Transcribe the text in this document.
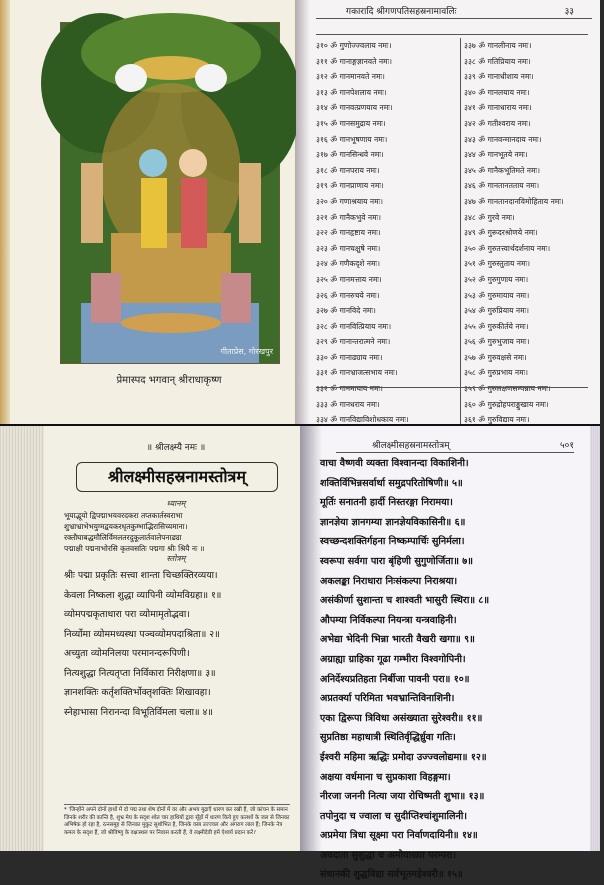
गीताप्रेस, गोरखपुर
प्रेमास्पद भगवान् श्रीराधाकृष्ण
गकारादि श्रीगणपतिसहस्रनामावलिः	३३
३१० ॐ गुणोज्ज्वलाय नमः।
३११ ॐ गानाङ्गज्ञानवते नमः।
३१२ ॐ गानमानवते नमः।
३१३ ॐ गानपेशलाय नमः।
३१४ ॐ गानवत्प्रणयाय नमः।
३१५ ॐ गानसमुद्राय नमः।
३१६ ॐ गानभूषणाय नमः।
३१७ ॐ गानसिन्धवे नमः।
३१८ ॐ गानपराय नमः।
३१९ ॐ गानप्राणाय नमः।
३२० ॐ गणाश्रयाय नमः।
३२१ ॐ गानैकभुवे नमः।
३२२ ॐ गानहृष्टाय नमः।
३२३ ॐ गानचक्षुषे नमः।
३२४ ॐ गणैकदृशे नमः।
३२५ ॐ गानमत्ताय नमः।
३२६ ॐ गानरुचये नमः।
३२७ ॐ गानविदे नमः।
३२८ ॐ गानवित्प्रियाय नमः।
३२९ ॐ गानान्तरात्मने नमः।
३३० ॐ गानाढ्याय नमः।
३३१ ॐ गानभ्राजत्सभाय नमः।
३३२ ॐ गानमायाय नमः।
३३३ ॐ गानधराय नमः।
३३४ ॐ गानविद्याविशोधकाय नमः।
३३७ ॐ गानलीनाय नमः।
३३८ ॐ गतिप्रियाय नमः।
३३९ ॐ गानाधीशाय नमः।
३४० ॐ गानलयाय नमः।
३४१ ॐ गानाधाराय नमः।
३४२ ॐ गतीश्वराय नमः।
३४३ ॐ गानवन्मानदाय नमः।
३४४ ॐ गानभूतये नमः।
३४५ ॐ गानैकभूतिमते नमः।
३४६ ॐ गानतानतताय नमः।
३४७ ॐ गानतानदानविमोहिताय नमः।
३४८ ॐ गुरवे नमः।
३४९ ॐ गुरूदरश्रोणये नमः।
३५० ॐ गुरुतत्त्वार्थदर्शनाय नमः।
३५१ ॐ गुरुस्तुताय नमः।
३५२ ॐ गुरुगुणाय नमः।
३५३ ॐ गुरुमायाय नमः।
३५४ ॐ गुरुप्रियाय नमः।
३५५ ॐ गुरुकीर्तये नमः।
३५६ ॐ गुरुभुजाय नमः।
३५७ ॐ गुरुवक्षसे नमः।
३५८ ॐ गुरुप्रभाय नमः।
३५९ ॐ गुरुलक्षणसम्पन्नाय नमः।
३६० ॐ गुरुद्रोहपराङ्मुखाय नमः।
३६१ ॐ गुरुविद्याय नमः।
॥ श्रीलक्ष्म्यै नमः ॥
श्रीलक्ष्मीसहस्रनामस्तोत्रम्
ध्यानम्
भूयाद्भूयो द्विपद्माभयवरदकरा तप्तकार्तस्वराभा
शुभ्राभ्राभेभयुग्मद्वयकरधृतकुम्भाद्भिरासिच्यमाना।
रक्तौघाबद्धमौलिर्विमलतरदुकूलार्तवालेपनाढ्या
पद्माक्षी पद्मनाभोरसि कृतवसतिः पद्मगा श्रीः श्रियै नः ॥
स्तोत्रम्
श्रीः पद्मा प्रकृतिः सत्त्वा शान्ता चिच्छक्तिरव्यया।
केवला निष्कला शुद्धा व्यापिनी व्योमविग्रहा॥ १॥
व्योमपद्मकृताधारा परा व्योमामृतोद्भवा।
निर्व्योमा व्योममध्यस्था पञ्चव्योमपदाश्रिता॥ २॥
अच्युता व्योमनिलया परमानन्दरूपिणी।
नित्यशुद्धा नित्यतृप्ता निर्विकारा निरीक्षणा॥ ३॥
ज्ञानशक्तिः कर्तृशक्तिर्भोक्तृशक्तिः शिखावहा।
स्नेहाभासा निरानन्दा विभूतिर्विमला चला॥ ४॥
* 'जिन्होंने अपने दोनों हाथों में दो पद्म तथा शेष दोनों में वर और अभय मुद्राएँ धारण कर रखी हैं, जो कांचन के समान जिनके शरीर की कान्ति है, शुभ्र मेघ के सदृश श्वेत चार हाथियों द्वारा सूँड़ों में धारण किये हुए कलशों के जल से जिनका अभिषेक हो रहा है, रत्नसमूह से जिनका मुकुट सुशोभित है, जिनके वस्त्र उज्ज्वल और अंगराग लाल हैं; जिनके नेत्र कमल के सदृश हैं, जो श्रीविष्णु के वक्षःस्थल पर निवास करती हैं, वे लक्ष्मीदेवी हमें ऐश्वर्य प्रदान करें।'
श्रीलक्ष्मीसहस्रनामस्तोत्रम्	५०१
वाचा वैष्णवी व्यक्ता विश्वानन्दा विकाशिनी।
शक्तिर्विभिन्नसर्वार्था समुद्रपरितोषिणी॥ ५॥
मूर्तिः सनातनी हार्दी निस्तरङ्गा निरामया।
ज्ञानज्ञेया ज्ञानगम्या ज्ञानज्ञेयविकासिनी॥ ६॥
स्वच्छन्दशक्तिर्गहना निष्कम्पार्चिः सुनिर्मला।
स्वरूपा सर्वगा पारा बृंहिणी सुगुणोर्जिता॥ ७॥
अकलङ्का निराधारा निःसंकल्पा निराश्रया।
असंकीर्णा सुशान्ता च शाश्वती भासुरी स्थिरा॥ ८॥
औपम्या निर्विकल्पा नियन्त्रा यन्त्रवाहिनी।
अभेद्या भेदिनी भिन्ना भारती वैखरी खगा॥ ९॥
अग्राह्या ग्राहिका गूढा गम्भीरा विश्वगोपिनी।
अनिर्देश्यप्रतिहता निर्बीजा पावनी परा॥ १०॥
अप्रतर्क्या परिमिता भवभ्रान्तिविनाशिनी।
एका द्विरूपा त्रिविधा असंख्याता सुरेश्वरी॥ ११॥
सुप्रतिष्ठा महाधात्री स्थितिर्वृद्धिर्ध्रुवा गतिः।
ईश्वरी महिमा ऋद्धिः प्रमोदा उज्ज्वलोद्यमा॥ १२॥
अक्षया वर्धमाना च सुप्रकाशा विहङ्गमा।
नीरजा जननी नित्या जया रोचिष्मती शुभा॥ १३॥
तपोनुदा च ज्वाला च सुदीप्तिश्चांशुमालिनी।
अप्रमेया त्रिधा सूक्ष्मा परा निर्वाणदायिनी॥ १४॥
अवदाता सुशुद्धा च अमोघाख्या परम्परा।
संधानकी शुद्धविद्या सर्वभूतमहेश्वरी॥ १५॥
